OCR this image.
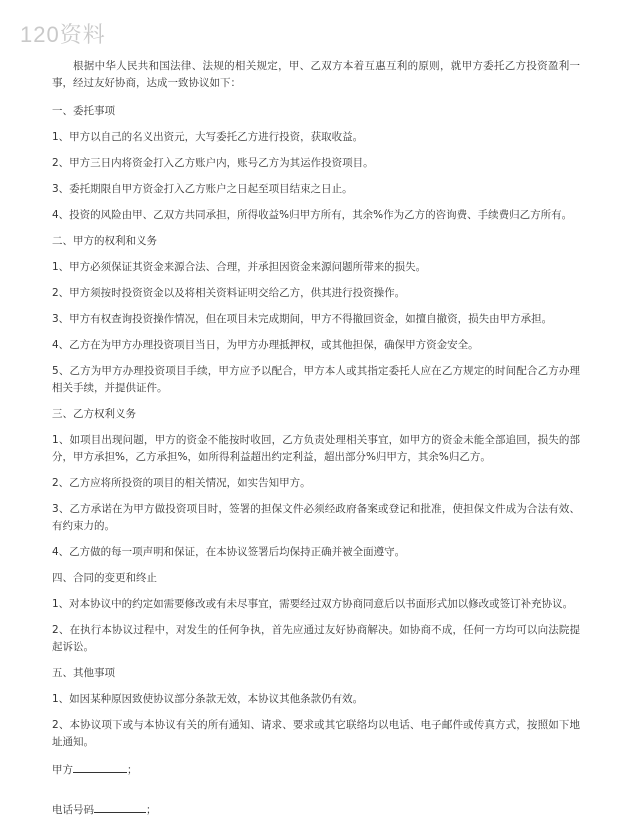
120资料

根据中华人民共和国法律、法规的相关规定，甲、乙双方本着互惠互利的原则，就甲方委托乙方投资盈利一事，经过友好协商，达成一致协议如下：

一、委托事项

1、甲方以自己的名义出资元，大写委托乙方进行投资，获取收益。

2、甲方三日内将资金打入乙方账户内，账号乙方为其运作投资项目。

3、委托期限自甲方资金打入乙方账户之日起至项目结束之日止。

4、投资的风险由甲、乙双方共同承担，所得收益%归甲方所有，其余%作为乙方的咨询费、手续费归乙方所有。

二、甲方的权利和义务

1、甲方必须保证其资金来源合法、合理，并承担因资金来源问题所带来的损失。

2、甲方须按时投资资金以及将相关资料证明交给乙方，供其进行投资操作。

3、甲方有权查询投资操作情况，但在项目未完成期间，甲方不得撤回资金，如擅自撤资，损失由甲方承担。

4、乙方在为甲方办理投资项目当日，为甲方办理抵押权，或其他担保，确保甲方资金安全。

5、乙方为甲方办理投资项目手续，甲方应予以配合，甲方本人或其指定委托人应在乙方规定的时间配合乙方办理相关手续，并提供证件。

三、乙方权利义务

1、如项目出现问题，甲方的资金不能按时收回，乙方负责处理相关事宜，如甲方的资金未能全部追回，损失的部分，甲方承担%，乙方承担%，如所得利益超出约定利益，超出部分%归甲方，其余%归乙方。

2、乙方应将所投资的项目的相关情况，如实告知甲方。

3、乙方承诺在为甲方做投资项目时，签署的担保文件必须经政府备案或登记和批准，使担保文件成为合法有效、有约束力的。

4、乙方做的每一项声明和保证，在本协议签署后均保持正确并被全面遵守。

四、合同的变更和终止

1、对本协议中的约定如需要修改或有未尽事宜，需要经过双方协商同意后以书面形式加以修改或签订补充协议。

2、在执行本协议过程中，对发生的任何争执，首先应通过友好协商解决。如协商不成，任何一方均可以向法院提起诉讼。

五、其他事项

1、如因某种原因致使协议部分条款无效，本协议其他条款仍有效。

2、本协议项下或与本协议有关的所有通知、请求、要求或其它联络均以电话、电子邮件或传真方式，按照如下地址通知。

甲方	；

电话号码	；
